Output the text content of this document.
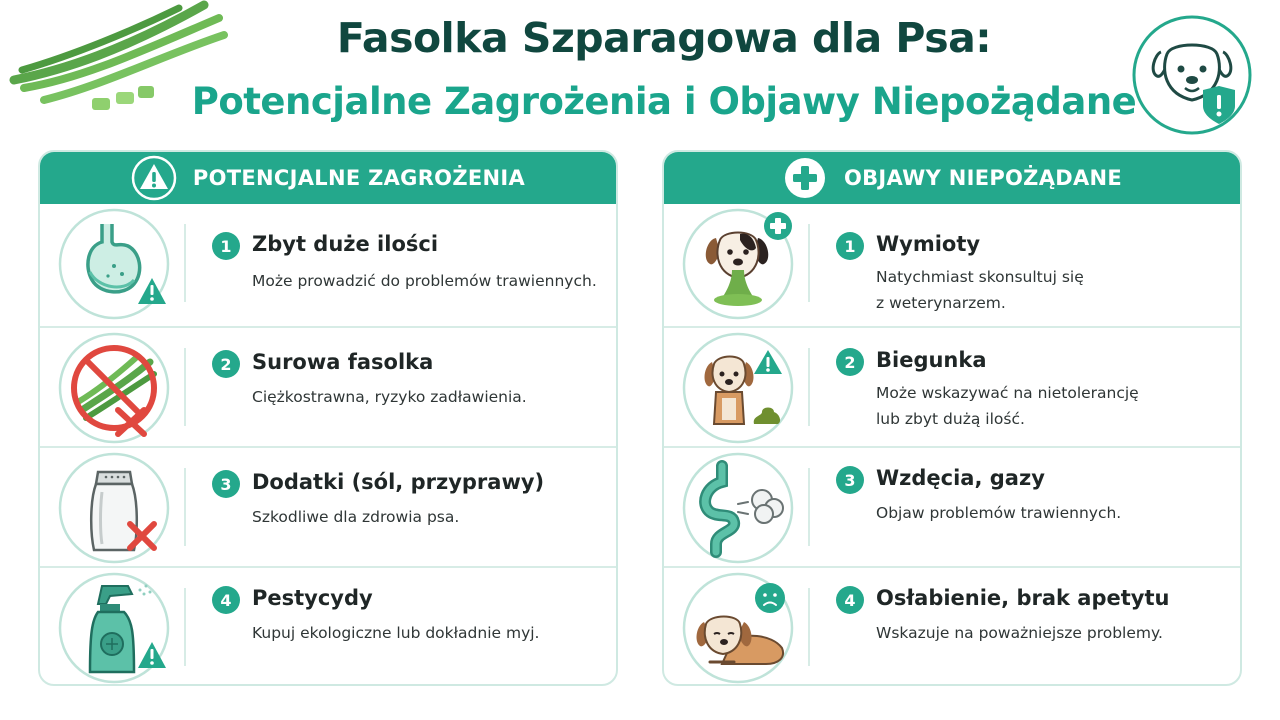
Fasolka Szparagowa dla Psa:
Potencjalne Zagrożenia i Objawy Niepożądane
POTENCJALNE ZAGROŻENIA
1 Zbyt duże ilości
Może prowadzić do problemów trawiennych.
2 Surowa fasolka
Ciężkostrawna, ryzyko zadławienia.
3 Dodatki (sól, przyprawy)
Szkodliwe dla zdrowia psa.
4 Pestycydy
Kupuj ekologiczne lub dokładnie myj.
OBJAWY NIEPOŻĄDANE
1 Wymioty
Natychmiast skonsultuj się
z weterynarzem.
2 Biegunka
Może wskazywać na nietolerancję
lub zbyt dużą ilość.
3 Wzdęcia, gazy
Objaw problemów trawiennych.
4 Osłabienie, brak apetytu
Wskazuje na poważniejsze problemy.
